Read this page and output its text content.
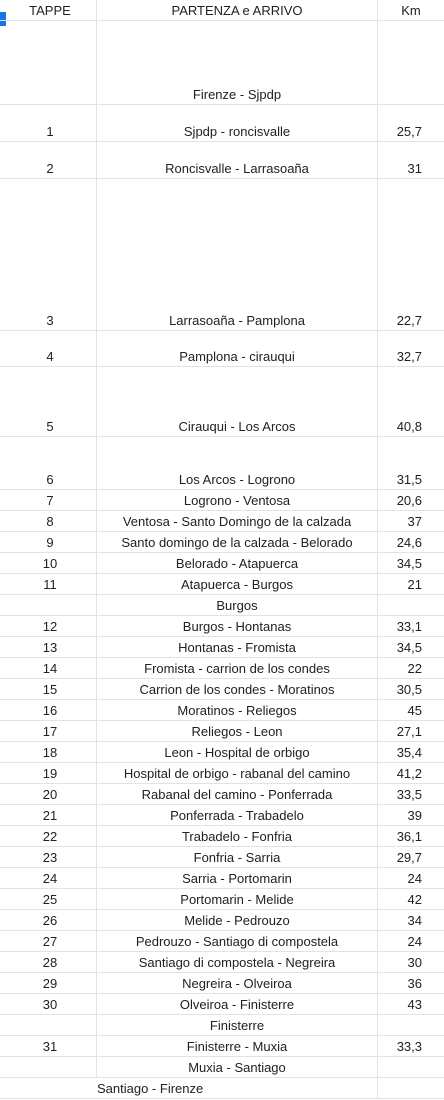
TAPPE	PARTENZA e ARRIVO	Km
Firenze - Sjpdp
1	Sjpdp - roncisvalle	25,7
2	Roncisvalle - Larrasoaña	31
3	Larrasoaña - Pamplona	22,7
4	Pamplona - cirauqui	32,7
5	Cirauqui - Los Arcos	40,8
6	Los Arcos - Logrono	31,5
7	Logrono - Ventosa	20,6
8	Ventosa - Santo Domingo de la calzada	37
9	Santo domingo de la calzada - Belorado	24,6
10	Belorado - Atapuerca	34,5
11	Atapuerca - Burgos	21
Burgos
12	Burgos - Hontanas	33,1
13	Hontanas - Fromista	34,5
14	Fromista - carrion de los condes	22
15	Carrion de los condes - Moratinos	30,5
16	Moratinos - Reliegos	45
17	Reliegos - Leon	27,1
18	Leon - Hospital de orbigo	35,4
19	Hospital de orbigo - rabanal del camino	41,2
20	Rabanal del camino - Ponferrada	33,5
21	Ponferrada - Trabadelo	39
22	Trabadelo - Fonfria	36,1
23	Fonfria - Sarria	29,7
24	Sarria - Portomarin	24
25	Portomarin - Melide	42
26	Melide - Pedrouzo	34
27	Pedrouzo - Santiago di compostela	24
28	Santiago di compostela - Negreira	30
29	Negreira - Olveiroa	36
30	Olveiroa - Finisterre	43
Finisterre
31	Finisterre - Muxia	33,3
Muxia - Santiago
Santiago - Firenze
